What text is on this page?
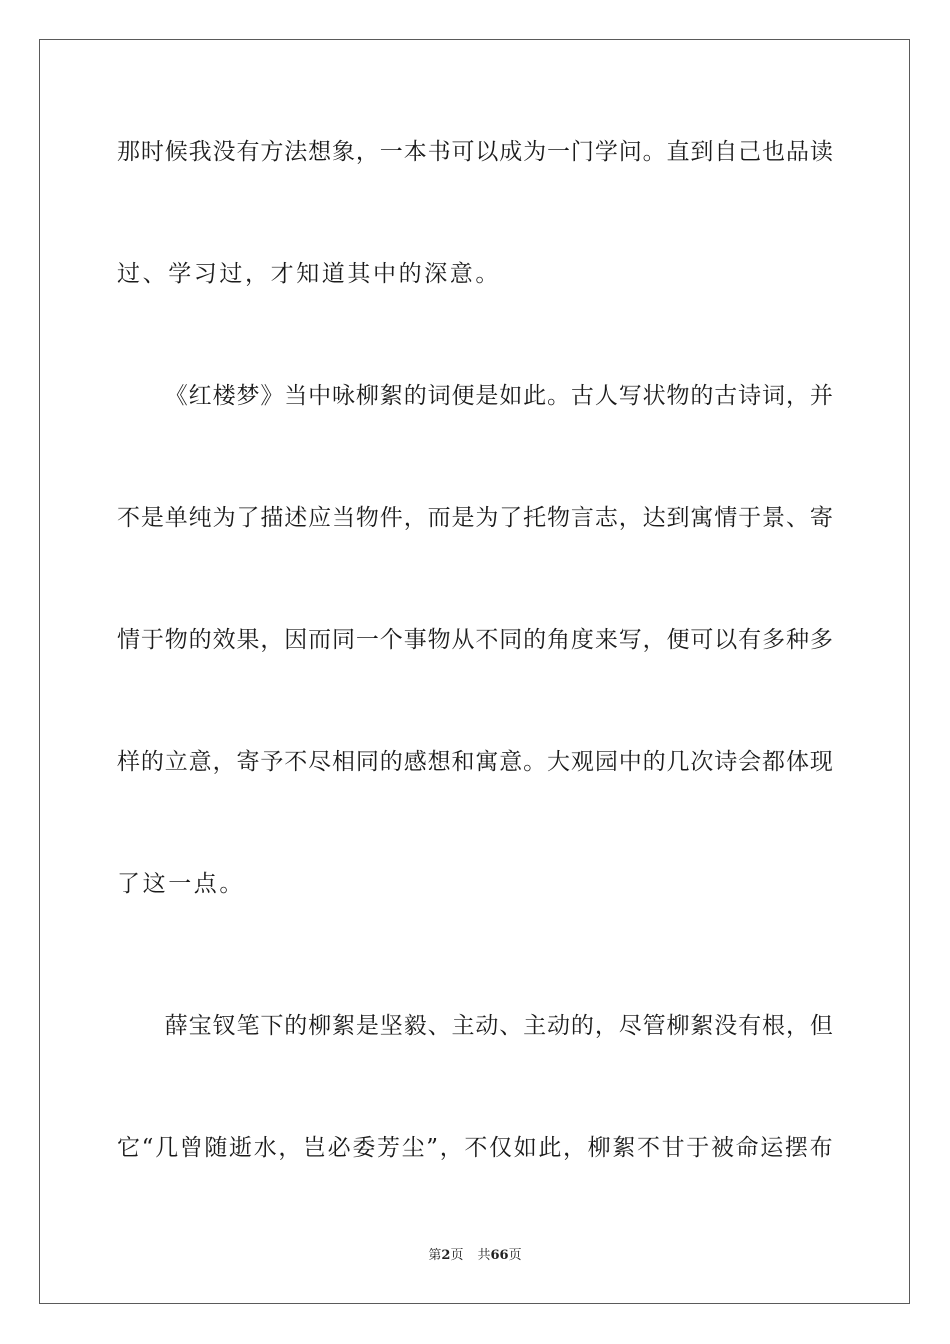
那 时 候 我 没 有 方 法 想 象 ， 一 本 书 可 以 成 为 一 门 学 问 。 直 到 自 己 也 品 读
过、学习过，才知道其中的深意。

《 红 楼 梦 》 当 中 咏 柳 絮 的 词 便 是 如 此 。 古 人 写 状 物 的 古 诗 词 ， 并
不 是 单 纯 为 了 描 述 应 当 物 件 ， 而 是 为 了 托 物 言 志 ， 达 到 寓 情 于 景 、 寄
情 于 物 的 效 果 ， 因 而 同 一 个 事 物 从 不 同 的 角 度 来 写 ， 便 可 以 有 多 种 多
样 的 立 意 ， 寄 予 不 尽 相 同 的 感 想 和 寓 意 。 大 观 园 中 的 几 次 诗 会 都 体 现
了这一点。

薛 宝 钗 笔 下 的 柳 絮 是 坚 毅 、 主 动 、 主 动 的 ， 尽 管 柳 絮 没 有 根 ， 但
它 “ 几 曾 随 逝 水 ， 岂 必 委 芳 尘 ” ， 不 仅 如 此 ， 柳 絮 不 甘 于 被 命 运 摆 布
第2页 共66页
